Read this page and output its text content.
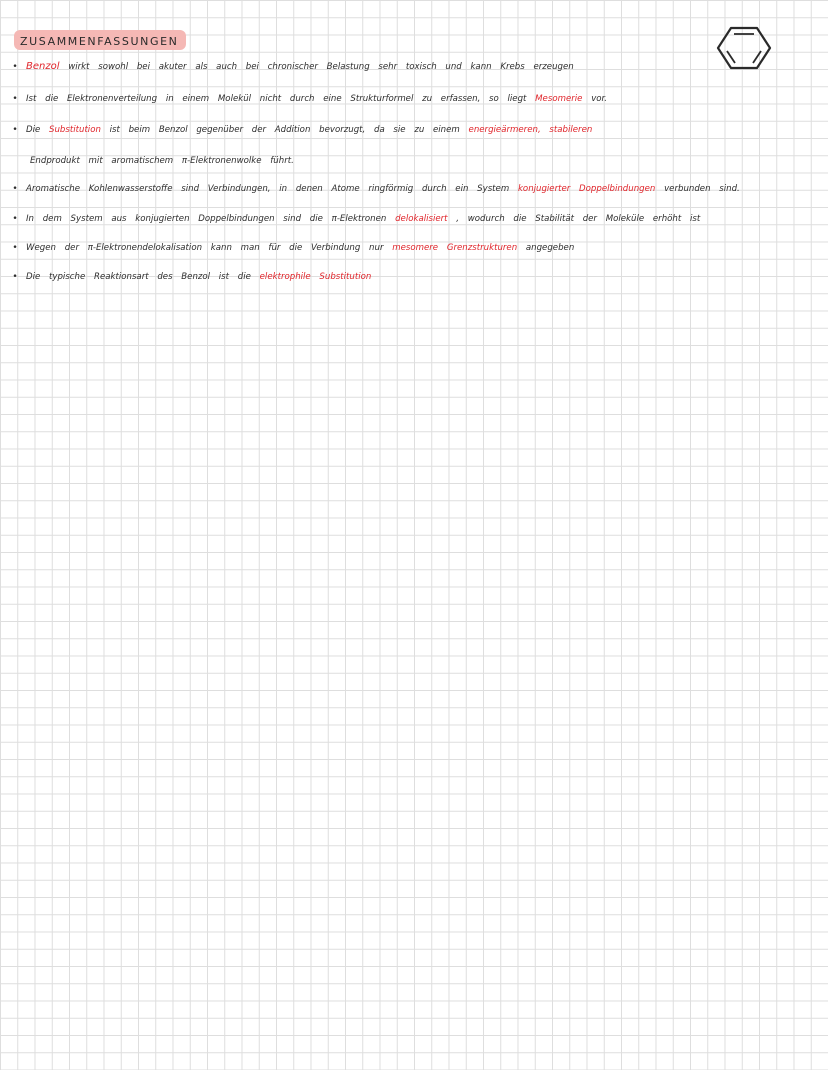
ZUSAMMENFASSUNGEN
• Benzol wirkt sowohl bei akuter als auch bei chronischer Belastung sehr toxisch und kann Krebs erzeugen
• Ist die Elektronenverteilung in einem Molekül nicht durch eine Strukturformel zu erfassen, so liegt Mesomerie vor.
• Die Substitution ist beim Benzol gegenüber der Addition bevorzugt, da sie zu einem energieärmeren, stabileren
Endprodukt mit aromatischem π-Elektronenwolke führt.
• Aromatische Kohlenwasserstoffe sind Verbindungen, in denen Atome ringförmig durch ein System konjugierter Doppelbindungen verbunden sind.
• In dem System aus konjugierten Doppelbindungen sind die π-Elektronen delokalisiert , wodurch die Stabilität der Moleküle erhöht ist
• Wegen der π-Elektronendelokalisation kann man für die Verbindung nur mesomere Grenzstrukturen angegeben
• Die typische Reaktionsart des Benzol ist die elektrophile Substitution
